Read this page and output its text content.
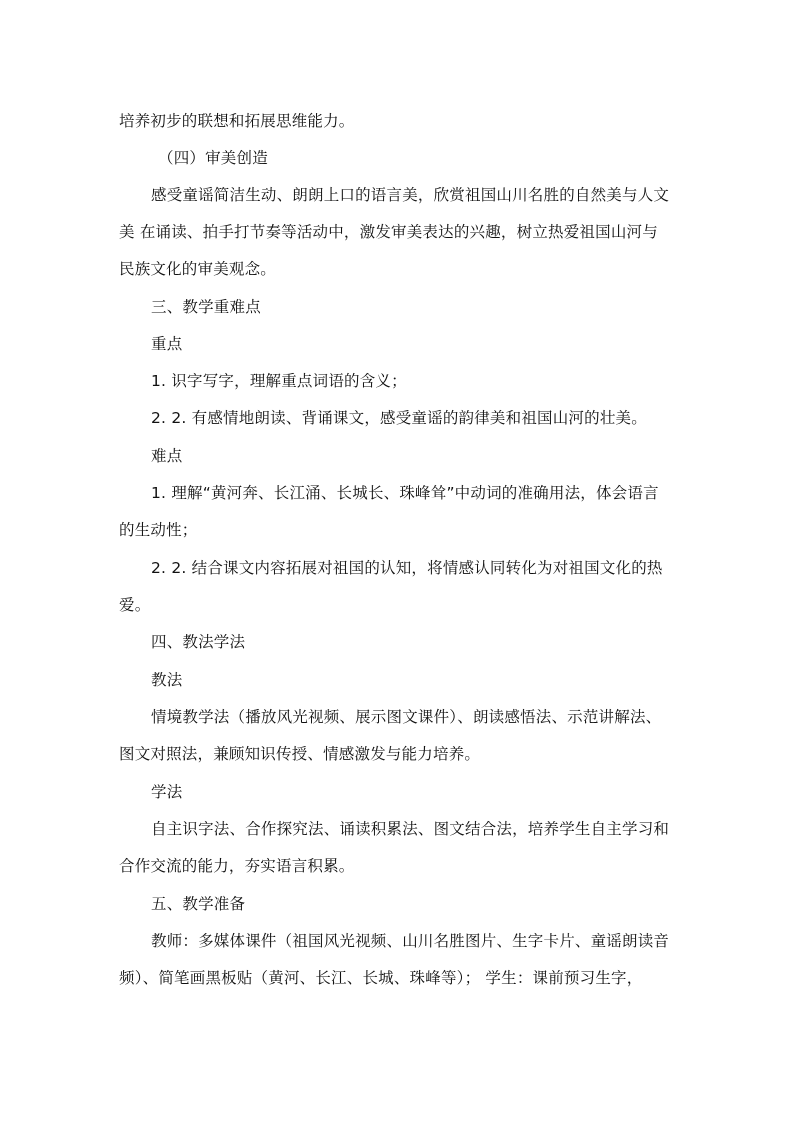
培养初步的联想和拓展思维能力。
（四）审美创造
感受童谣简洁生动、朗朗上口的语言美，欣赏祖国山川名胜的自然美与人文
美 在诵读、拍手打节奏等活动中，激发审美表达的兴趣，树立热爱祖国山河与
民族文化的审美观念。
三、教学重难点
重点
1. 识字写字，理解重点词语的含义；
2. 2. 有感情地朗读、背诵课文，感受童谣的韵律美和祖国山河的壮美。
难点
1. 理解“黄河奔、长江涌、长城长、珠峰耸”中动词的准确用法，体会语言
的生动性；
2. 2. 结合课文内容拓展对祖国的认知，将情感认同转化为对祖国文化的热
爱。
四、教法学法
教法
情境教学法（播放风光视频、展示图文课件）、朗读感悟法、示范讲解法、
图文对照法，兼顾知识传授、情感激发与能力培养。
学法
自主识字法、合作探究法、诵读积累法、图文结合法，培养学生自主学习和
合作交流的能力，夯实语言积累。
五、教学准备
教师：多媒体课件（祖国风光视频、山川名胜图片、生字卡片、童谣朗读音
频）、简笔画黑板贴（黄河、长江、长城、珠峰等）； 学生：课前预习生字，
